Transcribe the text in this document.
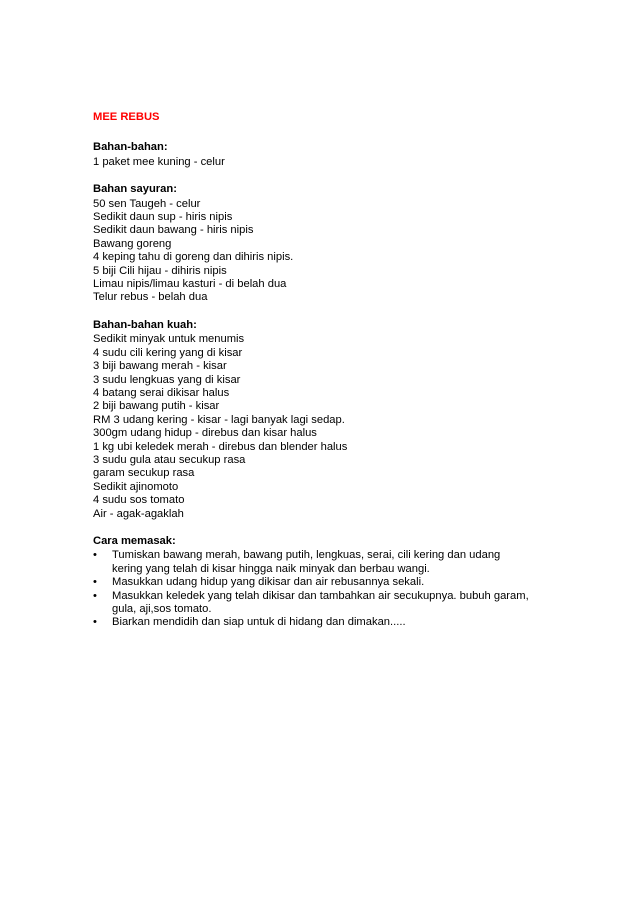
MEE REBUS
Bahan-bahan:
1 paket mee kuning - celur
Bahan sayuran:
50 sen Taugeh - celur
Sedikit daun sup - hiris nipis
Sedikit daun bawang - hiris nipis
Bawang goreng
4 keping tahu di goreng dan dihiris nipis.
5 biji Cili hijau - dihiris nipis
Limau nipis/limau kasturi - di belah dua
Telur rebus - belah dua
Bahan-bahan kuah:
Sedikit minyak untuk menumis
4 sudu cili kering yang di kisar
3 biji bawang merah - kisar
3 sudu lengkuas yang di kisar
4 batang serai dikisar halus
2 biji bawang putih - kisar
RM 3 udang kering - kisar - lagi banyak lagi sedap.
300gm udang hidup - direbus dan kisar halus
1 kg ubi keledek merah - direbus dan blender halus
3 sudu gula atau secukup rasa
garam secukup rasa
Sedikit ajinomoto
4 sudu sos tomato
Air - agak-agaklah
Cara memasak:
•	Tumiskan bawang merah, bawang putih, lengkuas, serai, cili kering dan udang
kering yang telah di kisar hingga naik minyak dan berbau wangi.
•	Masukkan udang hidup yang dikisar dan air rebusannya sekali.
•	Masukkan keledek yang telah dikisar dan tambahkan air secukupnya. bubuh garam,
gula, aji,sos tomato.
•	Biarkan mendidih dan siap untuk di hidang dan dimakan.....
